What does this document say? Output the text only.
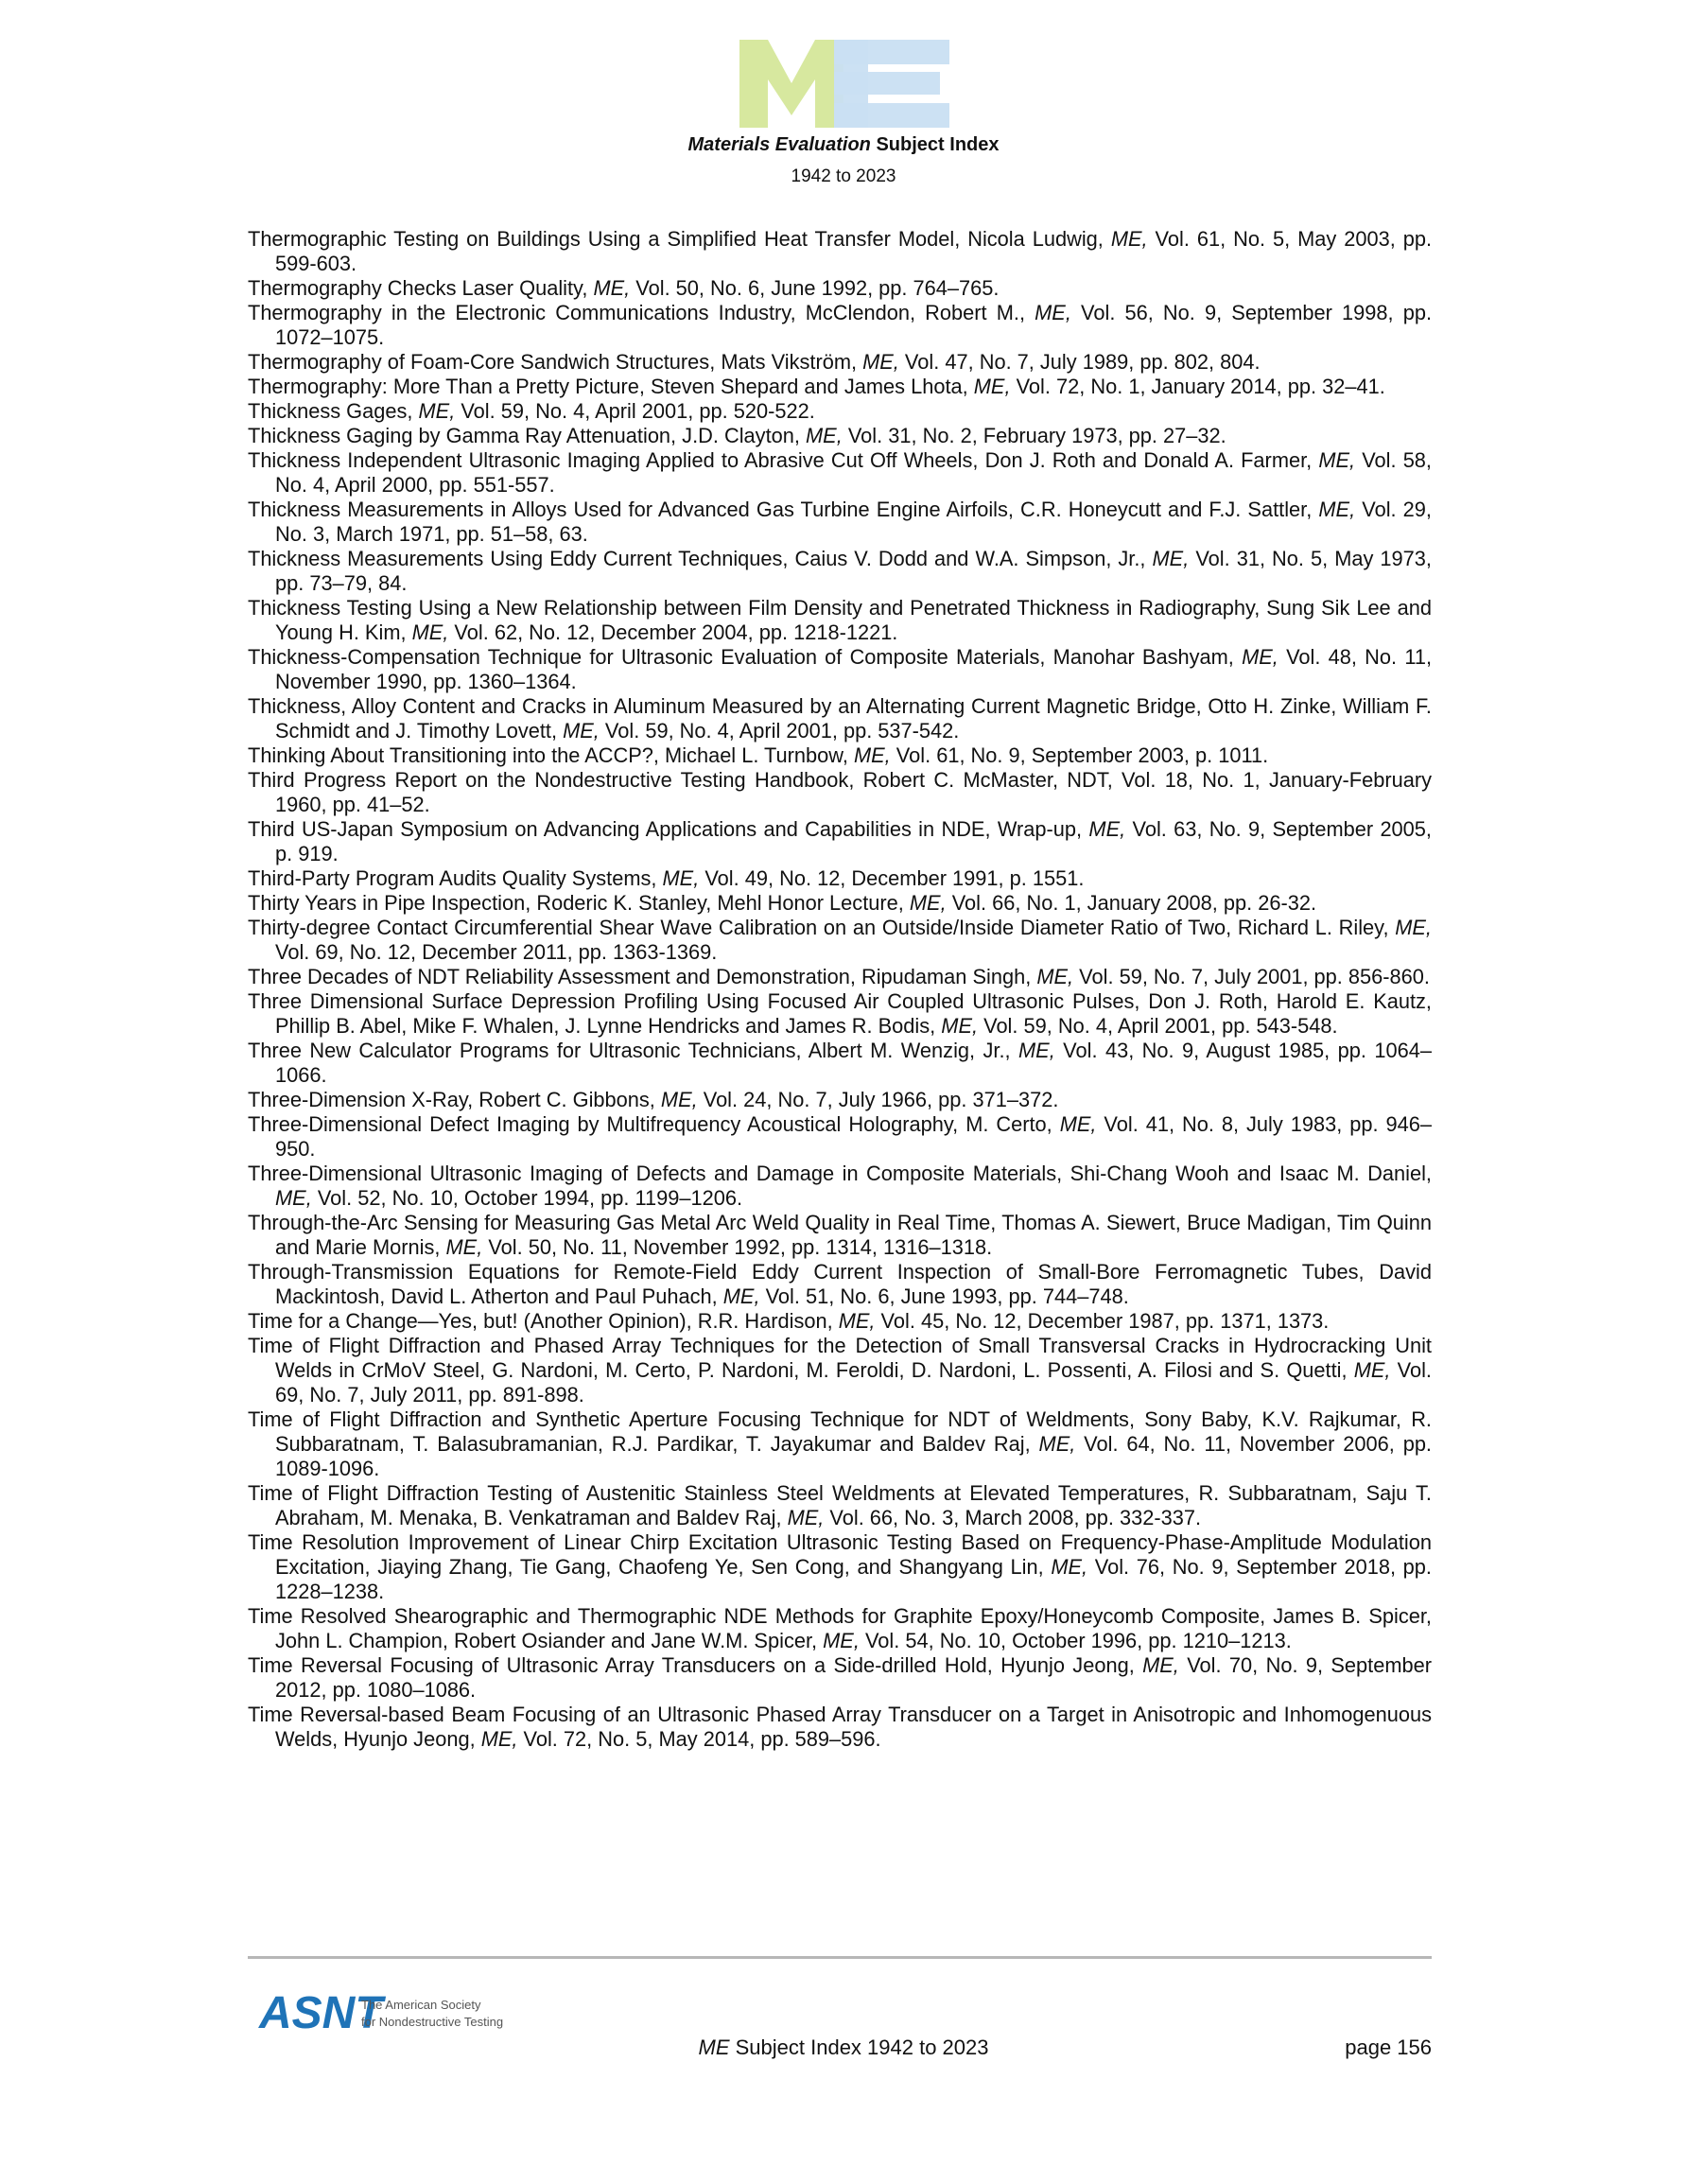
Materials Evaluation Subject Index
1942 to 2023

Thermographic Testing on Buildings Using a Simplified Heat Transfer Model, Nicola Ludwig, ME, Vol. 61, No. 5, May 2003, pp. 599-603.

Thermography Checks Laser Quality, ME, Vol. 50, No. 6, June 1992, pp. 764–765.

Thermography in the Electronic Communications Industry, McClendon, Robert M., ME, Vol. 56, No. 9, September 1998, pp. 1072–1075.

Thermography of Foam-Core Sandwich Structures, Mats Vikström, ME, Vol. 47, No. 7, July 1989, pp. 802, 804.

Thermography: More Than a Pretty Picture, Steven Shepard and James Lhota, ME, Vol. 72, No. 1, January 2014, pp. 32–41.

Thickness Gages, ME, Vol. 59, No. 4, April 2001, pp. 520-522.

Thickness Gaging by Gamma Ray Attenuation, J.D. Clayton, ME, Vol. 31, No. 2, February 1973, pp. 27–32.

Thickness Independent Ultrasonic Imaging Applied to Abrasive Cut Off Wheels, Don J. Roth and Donald A. Farmer, ME, Vol. 58, No. 4, April 2000, pp. 551-557.

Thickness Measurements in Alloys Used for Advanced Gas Turbine Engine Airfoils, C.R. Honeycutt and F.J. Sattler, ME, Vol. 29, No. 3, March 1971, pp. 51–58, 63.

Thickness Measurements Using Eddy Current Techniques, Caius V. Dodd and W.A. Simpson, Jr., ME, Vol. 31, No. 5, May 1973, pp. 73–79, 84.

Thickness Testing Using a New Relationship between Film Density and Penetrated Thickness in Radiography, Sung Sik Lee and Young H. Kim, ME, Vol. 62, No. 12, December 2004, pp. 1218-1221.

Thickness-Compensation Technique for Ultrasonic Evaluation of Composite Materials, Manohar Bashyam, ME, Vol. 48, No. 11, November 1990, pp. 1360–1364.

Thickness, Alloy Content and Cracks in Aluminum Measured by an Alternating Current Magnetic Bridge, Otto H. Zinke, William F. Schmidt and J. Timothy Lovett, ME, Vol. 59, No. 4, April 2001, pp. 537-542.

Thinking About Transitioning into the ACCP?, Michael L. Turnbow, ME, Vol. 61, No. 9, September 2003, p. 1011.

Third Progress Report on the Nondestructive Testing Handbook, Robert C. McMaster, NDT, Vol. 18, No. 1, January-February 1960, pp. 41–52.

Third US-Japan Symposium on Advancing Applications and Capabilities in NDE, Wrap-up, ME, Vol. 63, No. 9, September 2005, p. 919.

Third-Party Program Audits Quality Systems, ME, Vol. 49, No. 12, December 1991, p. 1551.

Thirty Years in Pipe Inspection, Roderic K. Stanley, Mehl Honor Lecture, ME, Vol. 66, No. 1, January 2008, pp. 26-32.

Thirty-degree Contact Circumferential Shear Wave Calibration on an Outside/Inside Diameter Ratio of Two, Richard L. Riley, ME, Vol. 69, No. 12, December 2011, pp. 1363-1369.

Three Decades of NDT Reliability Assessment and Demonstration, Ripudaman Singh, ME, Vol. 59, No. 7, July 2001, pp. 856-860.

Three Dimensional Surface Depression Profiling Using Focused Air Coupled Ultrasonic Pulses, Don J. Roth, Harold E. Kautz, Phillip B. Abel, Mike F. Whalen, J. Lynne Hendricks and James R. Bodis, ME, Vol. 59, No. 4, April 2001, pp. 543-548.

Three New Calculator Programs for Ultrasonic Technicians, Albert M. Wenzig, Jr., ME, Vol. 43, No. 9, August 1985, pp. 1064–1066.

Three-Dimension X-Ray, Robert C. Gibbons, ME, Vol. 24, No. 7, July 1966, pp. 371–372.

Three-Dimensional Defect Imaging by Multifrequency Acoustical Holography, M. Certo, ME, Vol. 41, No. 8, July 1983, pp. 946–950.

Three-Dimensional Ultrasonic Imaging of Defects and Damage in Composite Materials, Shi-Chang Wooh and Isaac M. Daniel, ME, Vol. 52, No. 10, October 1994, pp. 1199–1206.

Through-the-Arc Sensing for Measuring Gas Metal Arc Weld Quality in Real Time, Thomas A. Siewert, Bruce Madigan, Tim Quinn and Marie Mornis, ME, Vol. 50, No. 11, November 1992, pp. 1314, 1316–1318.

Through-Transmission Equations for Remote-Field Eddy Current Inspection of Small-Bore Ferromagnetic Tubes, David Mackintosh, David L. Atherton and Paul Puhach, ME, Vol. 51, No. 6, June 1993, pp. 744–748.

Time for a Change—Yes, but! (Another Opinion), R.R. Hardison, ME, Vol. 45, No. 12, December 1987, pp. 1371, 1373.

Time of Flight Diffraction and Phased Array Techniques for the Detection of Small Transversal Cracks in Hydrocracking Unit Welds in CrMoV Steel, G. Nardoni, M. Certo, P. Nardoni, M. Feroldi, D. Nardoni, L. Possenti, A. Filosi and S. Quetti, ME, Vol. 69, No. 7, July 2011, pp. 891-898.

Time of Flight Diffraction and Synthetic Aperture Focusing Technique for NDT of Weldments, Sony Baby, K.V. Rajkumar, R. Subbaratnam, T. Balasubramanian, R.J. Pardikar, T. Jayakumar and Baldev Raj, ME, Vol. 64, No. 11, November 2006, pp. 1089-1096.

Time of Flight Diffraction Testing of Austenitic Stainless Steel Weldments at Elevated Temperatures, R. Subbaratnam, Saju T. Abraham, M. Menaka, B. Venkatraman and Baldev Raj, ME, Vol. 66, No. 3, March 2008, pp. 332-337.

Time Resolution Improvement of Linear Chirp Excitation Ultrasonic Testing Based on Frequency-Phase-Amplitude Modulation Excitation, Jiaying Zhang, Tie Gang, Chaofeng Ye, Sen Cong, and Shangyang Lin, ME, Vol. 76, No. 9, September 2018, pp. 1228–1238.

Time Resolved Shearographic and Thermographic NDE Methods for Graphite Epoxy/Honeycomb Composite, James B. Spicer, John L. Champion, Robert Osiander and Jane W.M. Spicer, ME, Vol. 54, No. 10, October 1996, pp. 1210–1213.

Time Reversal Focusing of Ultrasonic Array Transducers on a Side-drilled Hold, Hyunjo Jeong, ME, Vol. 70, No. 9, September 2012, pp. 1080–1086.

Time Reversal-based Beam Focusing of an Ultrasonic Phased Array Transducer on a Target in Anisotropic and Inhomogenuous Welds, Hyunjo Jeong, ME, Vol. 72, No. 5, May 2014, pp. 589–596.

ASNT
The American Society
for Nondestructive Testing
ME Subject Index 1942 to 2023	page 156
